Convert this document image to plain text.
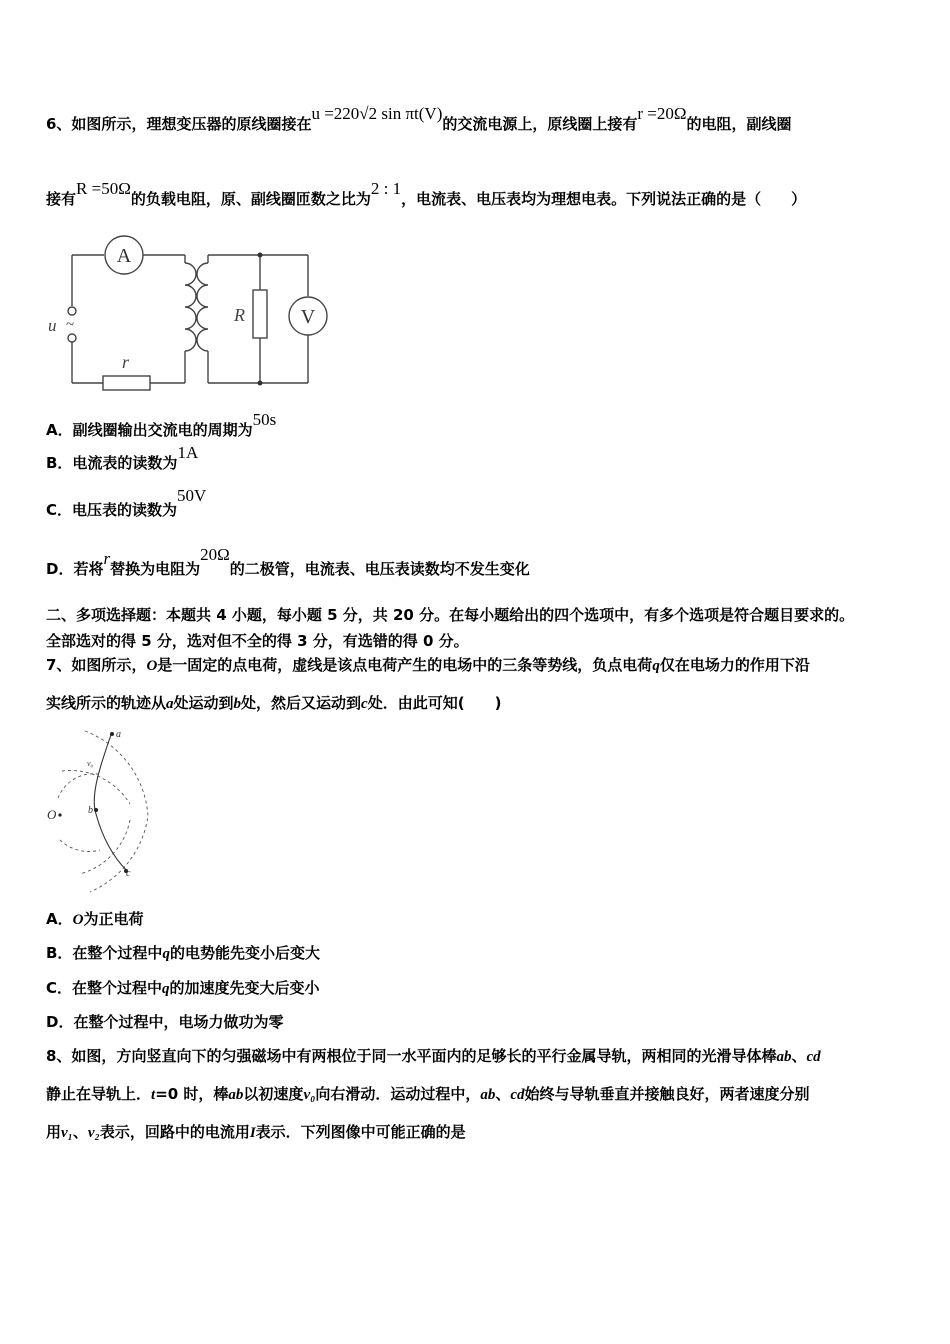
6、如图所示，理想变压器的原线圈接在u =220√2 sin πt(V)的交流电源上，原线圈上接有r =20Ω的电阻，副线圈
接有R =50Ω的负载电阻，原、副线圈匝数之比为2 : 1，电流表、电压表均为理想电表。下列说法正确的是（　　）
A
V
u ~
r
R
A．副线圈输出交流电的周期为50s
B．电流表的读数为1A
C．电压表的读数为50V
D．若将r替换为电阻为20Ω的二极管，电流表、电压表读数均不发生变化
二、多项选择题：本题共 4 小题，每小题 5 分，共 20 分。在每小题给出的四个选项中，有多个选项是符合题目要求的。
全部选对的得 5 分，选对但不全的得 3 分，有选错的得 0 分。
7、如图所示，O是一固定的点电荷，虚线是该点电荷产生的电场中的三条等势线，负点电荷q仅在电场力的作用下沿
实线所示的轨迹从a处运动到b处，然后又运动到c处．由此可知(　　)
O
a
b
c
v₀
A．O为正电荷
B．在整个过程中q的电势能先变小后变大
C．在整个过程中q的加速度先变大后变小
D．在整个过程中，电场力做功为零
8、如图，方向竖直向下的匀强磁场中有两根位于同一水平面内的足够长的平行金属导轨，两相同的光滑导体棒ab、cd
静止在导轨上．t=0 时，棒ab以初速度v₀向右滑动．运动过程中，ab、cd始终与导轨垂直并接触良好，两者速度分别
用v₁、v₂表示，回路中的电流用I表示．下列图像中可能正确的是
